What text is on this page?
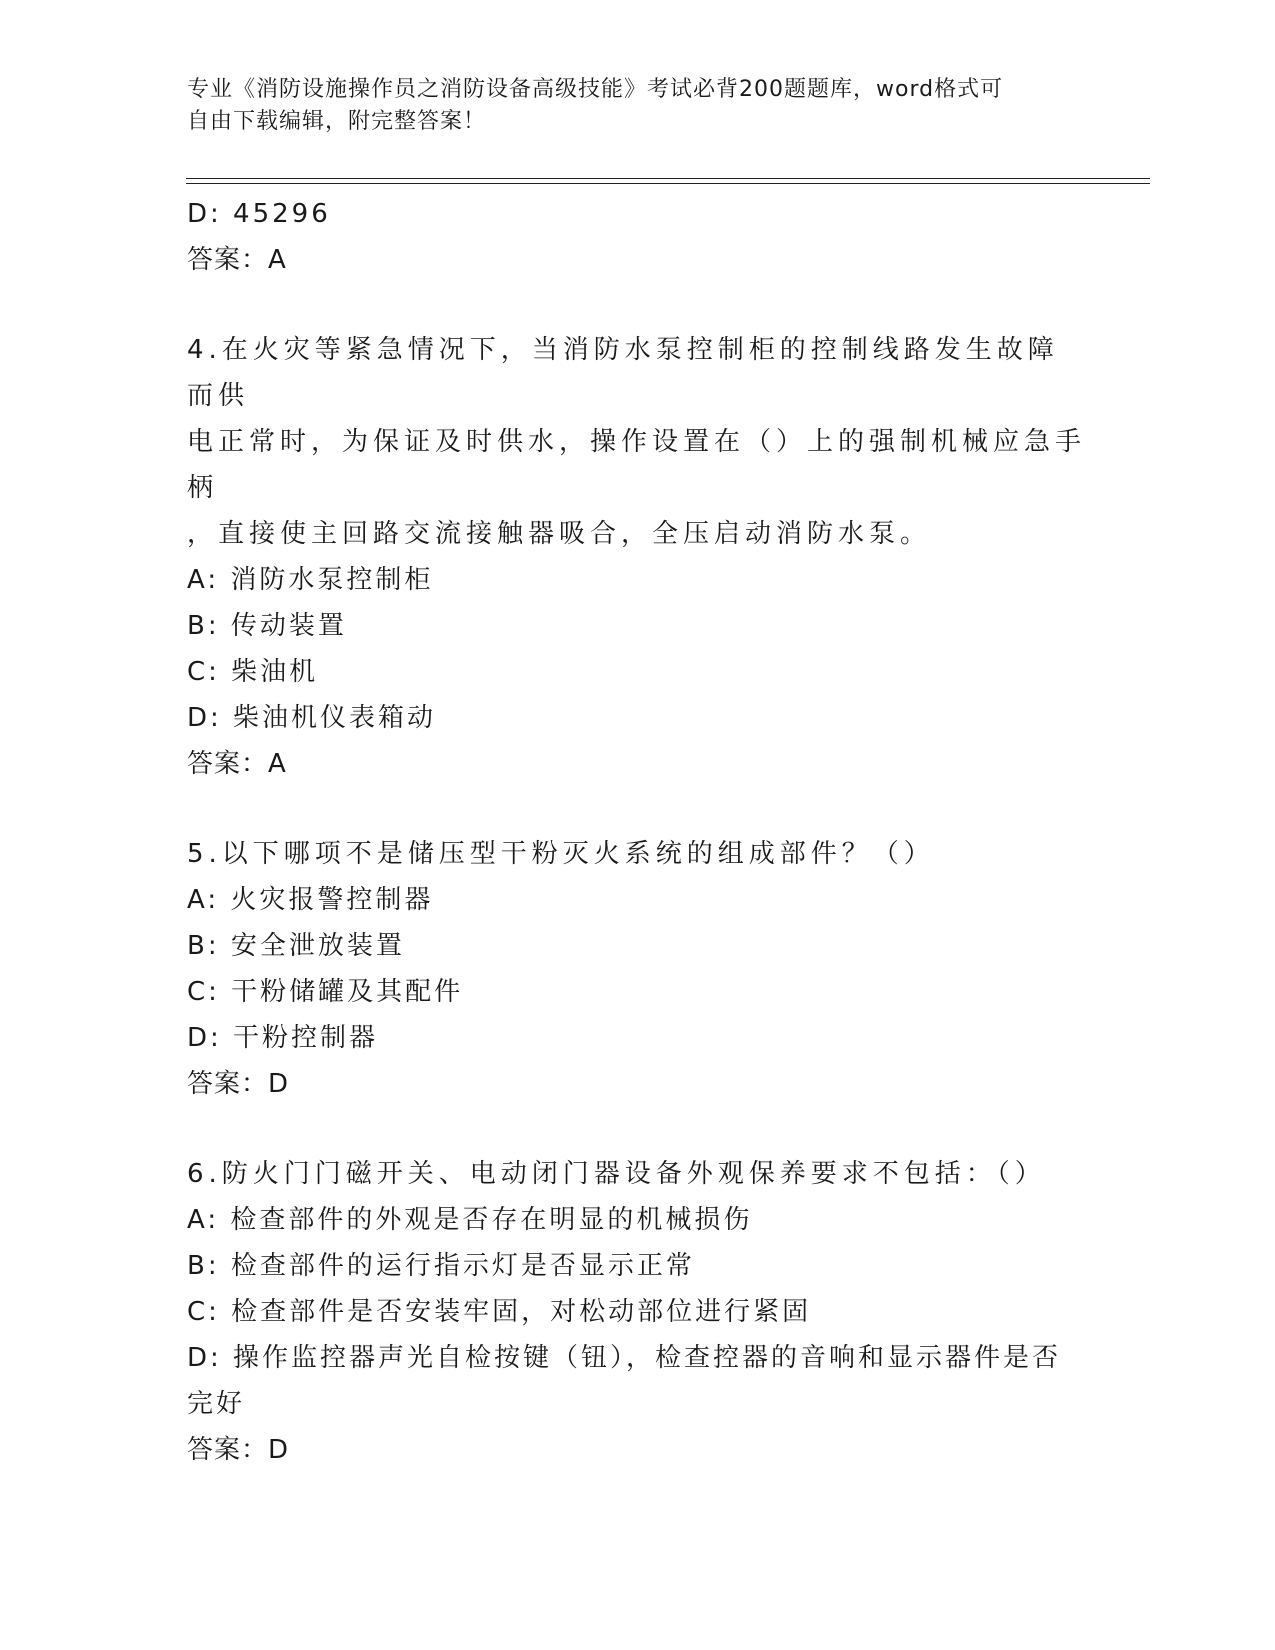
专业《消防设施操作员之消防设备高级技能》考试必背200题题库，word格式可
自由下载编辑，附完整答案！
D: 45296
答案：A
4.在火灾等紧急情况下，当消防水泵控制柜的控制线路发生故障而供
电正常时，为保证及时供水，操作设置在（）上的强制机械应急手柄
，直接使主回路交流接触器吸合，全压启动消防水泵。
A: 消防水泵控制柜
B: 传动装置
C: 柴油机
D: 柴油机仪表箱动
答案：A
5.以下哪项不是储压型干粉灭火系统的组成部件？（）
A: 火灾报警控制器
B: 安全泄放装置
C: 干粉储罐及其配件
D: 干粉控制器
答案：D
6.防火门门磁开关、电动闭门器设备外观保养要求不包括：（）
A: 检查部件的外观是否存在明显的机械损伤
B: 检查部件的运行指示灯是否显示正常
C: 检查部件是否安装牢固，对松动部位进行紧固
D: 操作监控器声光自检按键（钮），检查控器的音响和显示器件是否
完好
答案：D
